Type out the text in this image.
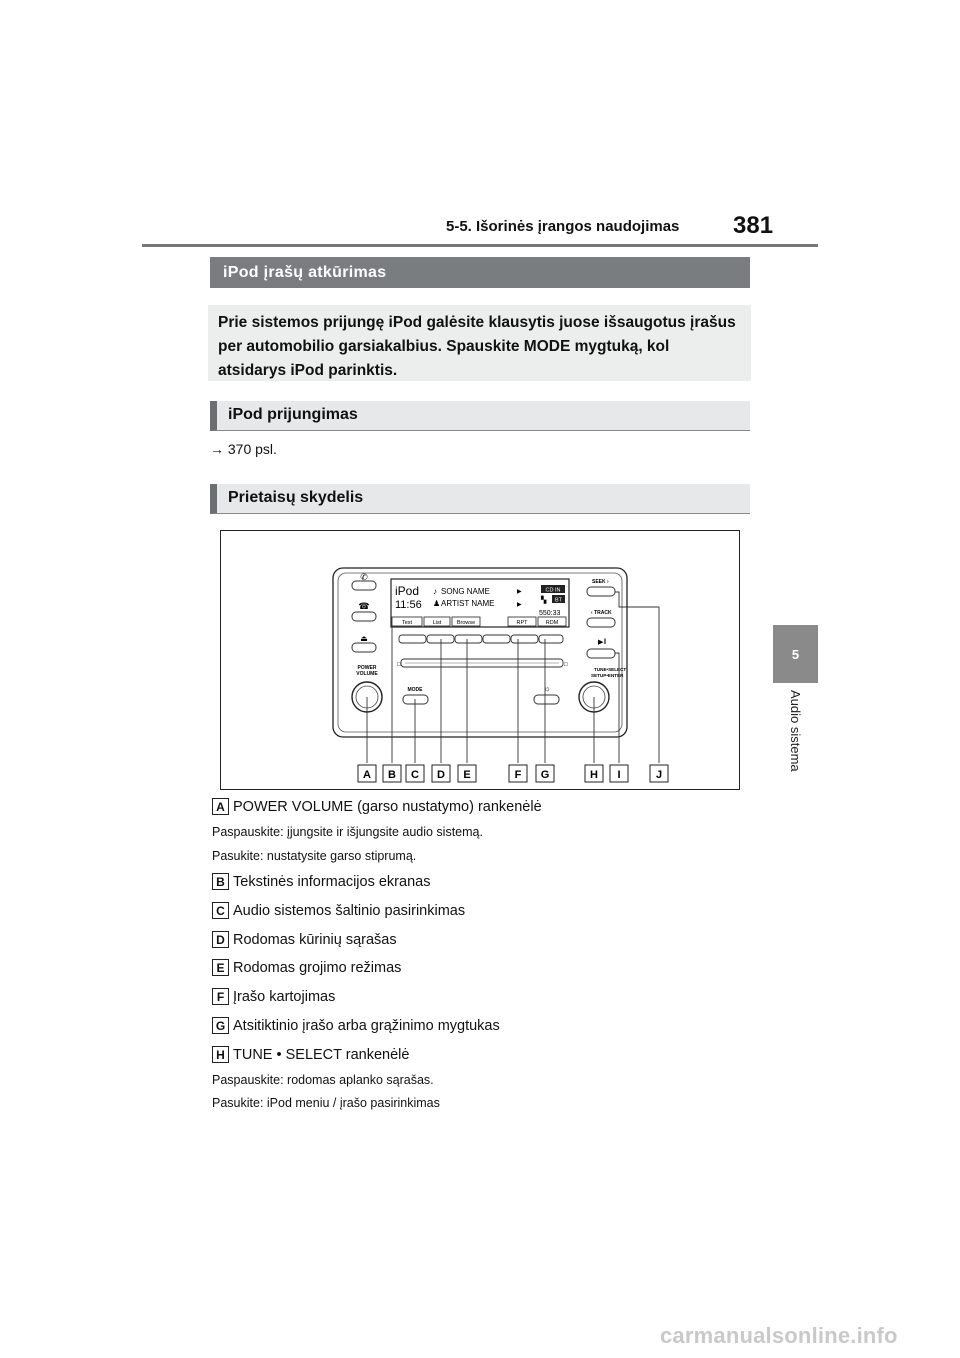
5-5. Išorinės įrangos naudojimas 381
5
Audio sistema
iPod įrašų atkūrimas
Prie sistemos prijungę iPod galėsite klausytis juose išsaugotus įrašus per automobilio garsiakalbius. Spauskite MODE mygtuką, kol atsidarys iPod parinktis.
iPod prijungimas
→ 370 psl.
Prietaisų skydelis
✆
☎
⏏
POWER
VOLUME
iPod
11:56
♪ SONG NAME
♟ ARTIST NAME
▶
▶
CD IN
BT
▚
550:33
Text	List	Browse	RPT	RDM
□	□
MODE	☼
SEEK ›
‹ TRACK
▶‖
TUNE•SELECT
SETUP•ENTER
A B C D E	F G	H I	J
A POWER VOLUME (garso nustatymo) rankenėlė
Paspauskite: įjungsite ir išjungsite audio sistemą.
Pasukite: nustatysite garso stiprumą.
B Tekstinės informacijos ekranas
C Audio sistemos šaltinio pasirinkimas
D Rodomas kūrinių sąrašas
E Rodomas grojimo režimas
F Įrašo kartojimas
G Atsitiktinio įrašo arba grąžinimo mygtukas
H TUNE • SELECT rankenėlė
Paspauskite: rodomas aplanko sąrašas.
Pasukite: iPod meniu / įrašo pasirinkimas
carmanualsonline.info
